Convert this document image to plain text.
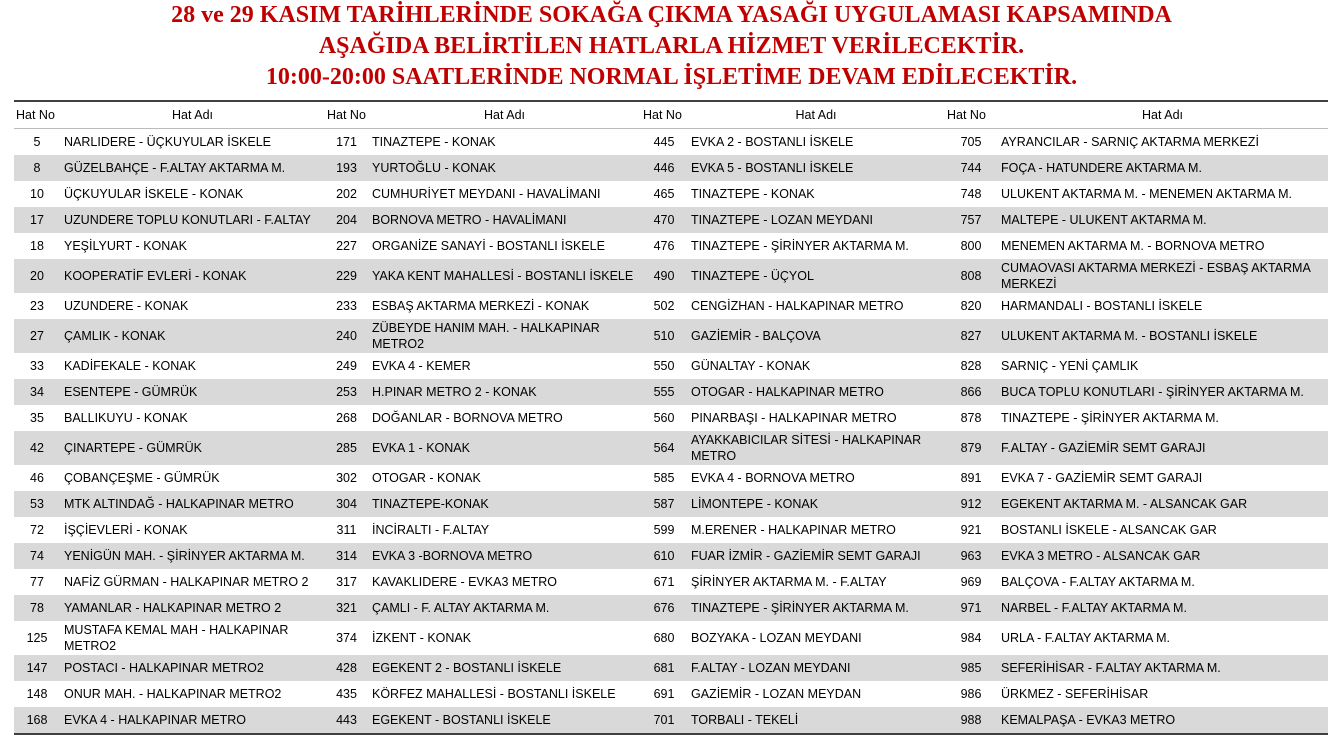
28 ve 29 KASIM TARİHLERİNDE SOKAĞA ÇIKMA YASAĞI UYGULAMASI KAPSAMINDA
AŞAĞIDA BELİRTİLEN HATLARLA HİZMET VERİLECEKTİR.
10:00-20:00 SAATLERİNDE NORMAL İŞLETİME DEVAM EDİLECEKTİR.
Hat No	Hat Adı	Hat No	Hat Adı	Hat No	Hat Adı	Hat No	Hat Adı
5	NARLIDERE - ÜÇKUYULAR İSKELE	171	TINAZTEPE - KONAK	445	EVKA 2 - BOSTANLI İSKELE	705	AYRANCILAR - SARNIÇ AKTARMA MERKEZİ
8	GÜZELBAHÇE - F.ALTAY AKTARMA M.	193	YURTOĞLU - KONAK	446	EVKA 5 - BOSTANLI İSKELE	744	FOÇA - HATUNDERE AKTARMA M.
10	ÜÇKUYULAR İSKELE - KONAK	202	CUMHURİYET MEYDANI - HAVALİMANI	465	TINAZTEPE - KONAK	748	ULUKENT AKTARMA M. - MENEMEN AKTARMA M.
17	UZUNDERE TOPLU KONUTLARI - F.ALTAY	204	BORNOVA METRO - HAVALİMANI	470	TINAZTEPE - LOZAN MEYDANI	757	MALTEPE - ULUKENT AKTARMA M.
18	YEŞİLYURT - KONAK	227	ORGANİZE SANAYİ - BOSTANLI İSKELE	476	TINAZTEPE - ŞİRİNYER AKTARMA M.	800	MENEMEN AKTARMA M. - BORNOVA METRO
20	KOOPERATİF EVLERİ - KONAK	229	YAKA KENT MAHALLESİ - BOSTANLI İSKELE	490	TINAZTEPE - ÜÇYOL	808	CUMAOVASI AKTARMA MERKEZİ - ESBAŞ AKTARMA MERKEZİ
23	UZUNDERE - KONAK	233	ESBAŞ AKTARMA MERKEZİ - KONAK	502	CENGİZHAN - HALKAPINAR METRO	820	HARMANDALI - BOSTANLI İSKELE
27	ÇAMLIK - KONAK	240	ZÜBEYDE HANIM MAH. - HALKAPINAR METRO2	510	GAZİEMİR - BALÇOVA	827	ULUKENT AKTARMA M. - BOSTANLI İSKELE
33	KADİFEKALE - KONAK	249	EVKA 4 - KEMER	550	GÜNALTAY - KONAK	828	SARNIÇ - YENİ ÇAMLIK
34	ESENTEPE - GÜMRÜK	253	H.PINAR METRO 2 - KONAK	555	OTOGAR - HALKAPINAR METRO	866	BUCA TOPLU KONUTLARI - ŞİRİNYER AKTARMA M.
35	BALLIKUYU - KONAK	268	DOĞANLAR - BORNOVA METRO	560	PINARBAŞI - HALKAPINAR METRO	878	TINAZTEPE - ŞİRİNYER AKTARMA M.
42	ÇINARTEPE - GÜMRÜK	285	EVKA 1 - KONAK	564	AYAKKABICILAR SİTESİ - HALKAPINAR METRO	879	F.ALTAY - GAZİEMİR SEMT GARAJI
46	ÇOBANÇEŞME - GÜMRÜK	302	OTOGAR - KONAK	585	EVKA 4 - BORNOVA METRO	891	EVKA 7 - GAZİEMİR SEMT GARAJI
53	MTK ALTINDAĞ - HALKAPINAR METRO	304	TINAZTEPE-KONAK	587	LİMONTEPE - KONAK	912	EGEKENT AKTARMA M. - ALSANCAK GAR
72	İŞÇİEVLERİ - KONAK	311	İNCİRALTI - F.ALTAY	599	M.ERENER - HALKAPINAR METRO	921	BOSTANLI İSKELE - ALSANCAK GAR
74	YENİGÜN MAH. - ŞİRİNYER AKTARMA M.	314	EVKA 3 -BORNOVA METRO	610	FUAR İZMİR - GAZİEMİR SEMT GARAJI	963	EVKA 3 METRO - ALSANCAK GAR
77	NAFİZ GÜRMAN - HALKAPINAR METRO 2	317	KAVAKLIDERE - EVKA3 METRO	671	ŞİRİNYER AKTARMA M. - F.ALTAY	969	BALÇOVA - F.ALTAY AKTARMA M.
78	YAMANLAR - HALKAPINAR METRO 2	321	ÇAMLI - F. ALTAY AKTARMA M.	676	TINAZTEPE - ŞİRİNYER AKTARMA M.	971	NARBEL - F.ALTAY AKTARMA M.
125	MUSTAFA KEMAL MAH - HALKAPINAR METRO2	374	İZKENT - KONAK	680	BOZYAKA - LOZAN MEYDANI	984	URLA - F.ALTAY AKTARMA M.
147	POSTACI - HALKAPINAR METRO2	428	EGEKENT 2 - BOSTANLI İSKELE	681	F.ALTAY - LOZAN MEYDANI	985	SEFERİHİSAR - F.ALTAY AKTARMA M.
148	ONUR MAH. - HALKAPINAR METRO2	435	KÖRFEZ MAHALLESİ - BOSTANLI İSKELE	691	GAZİEMİR - LOZAN MEYDAN	986	ÜRKMEZ - SEFERİHİSAR
168	EVKA 4 - HALKAPINAR METRO	443	EGEKENT - BOSTANLI İSKELE	701	TORBALI - TEKELİ	988	KEMALPAŞA - EVKA3 METRO
